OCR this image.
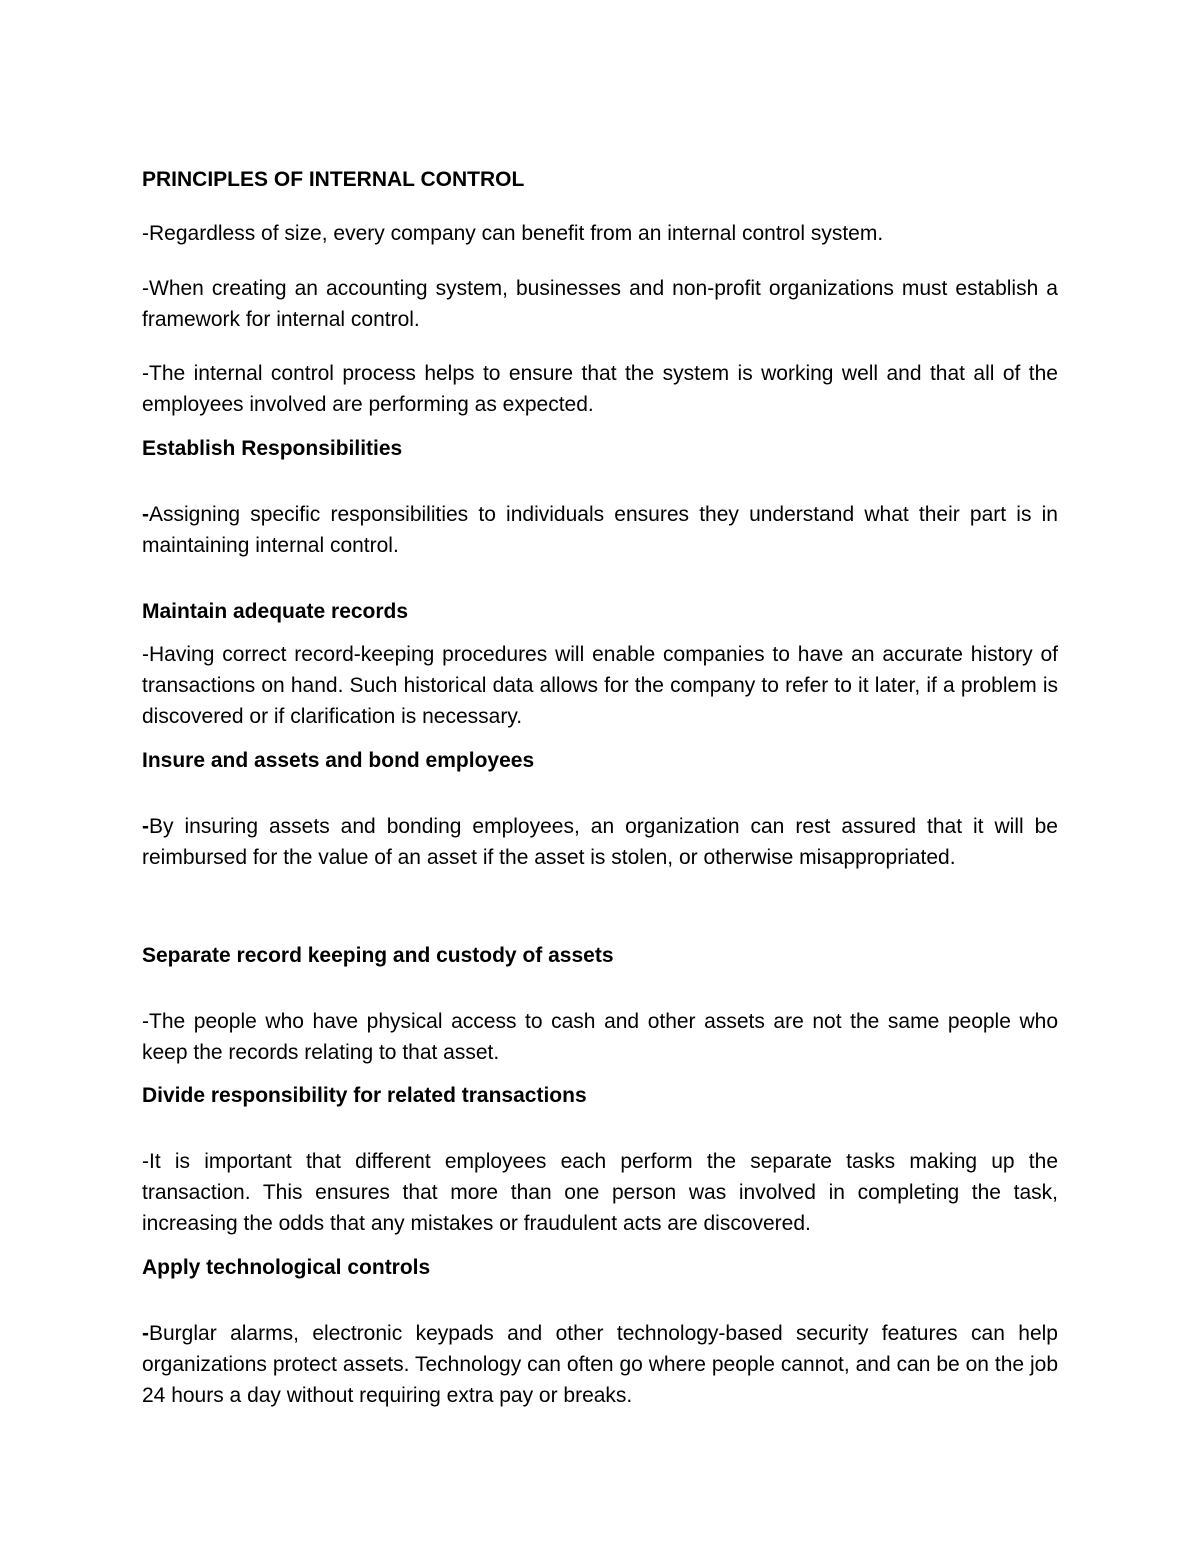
PRINCIPLES OF INTERNAL CONTROL

-Regardless of size, every company can benefit from an internal control system.

-When creating an accounting system, businesses and non-profit organizations must establish a framework for internal control.

-The internal control process helps to ensure that the system is working well and that all of the employees involved are performing as expected.

Establish Responsibilities

-Assigning specific responsibilities to individuals ensures they understand what their part is in maintaining internal control.

Maintain adequate records

-Having correct record-keeping procedures will enable companies to have an accurate history of transactions on hand. Such historical data allows for the company to refer to it later, if a problem is discovered or if clarification is necessary.

Insure and assets and bond employees

-By insuring assets and bonding employees, an organization can rest assured that it will be reimbursed for the value of an asset if the asset is stolen, or otherwise misappropriated.

Separate record keeping and custody of assets

-The people who have physical access to cash and other assets are not the same people who keep the records relating to that asset.

Divide responsibility for related transactions

-It is important that different employees each perform the separate tasks making up the transaction. This ensures that more than one person was involved in completing the task, increasing the odds that any mistakes or fraudulent acts are discovered.

Apply technological controls

-Burglar alarms, electronic keypads and other technology-based security features can help organizations protect assets. Technology can often go where people cannot, and can be on the job 24 hours a day without requiring extra pay or breaks.
